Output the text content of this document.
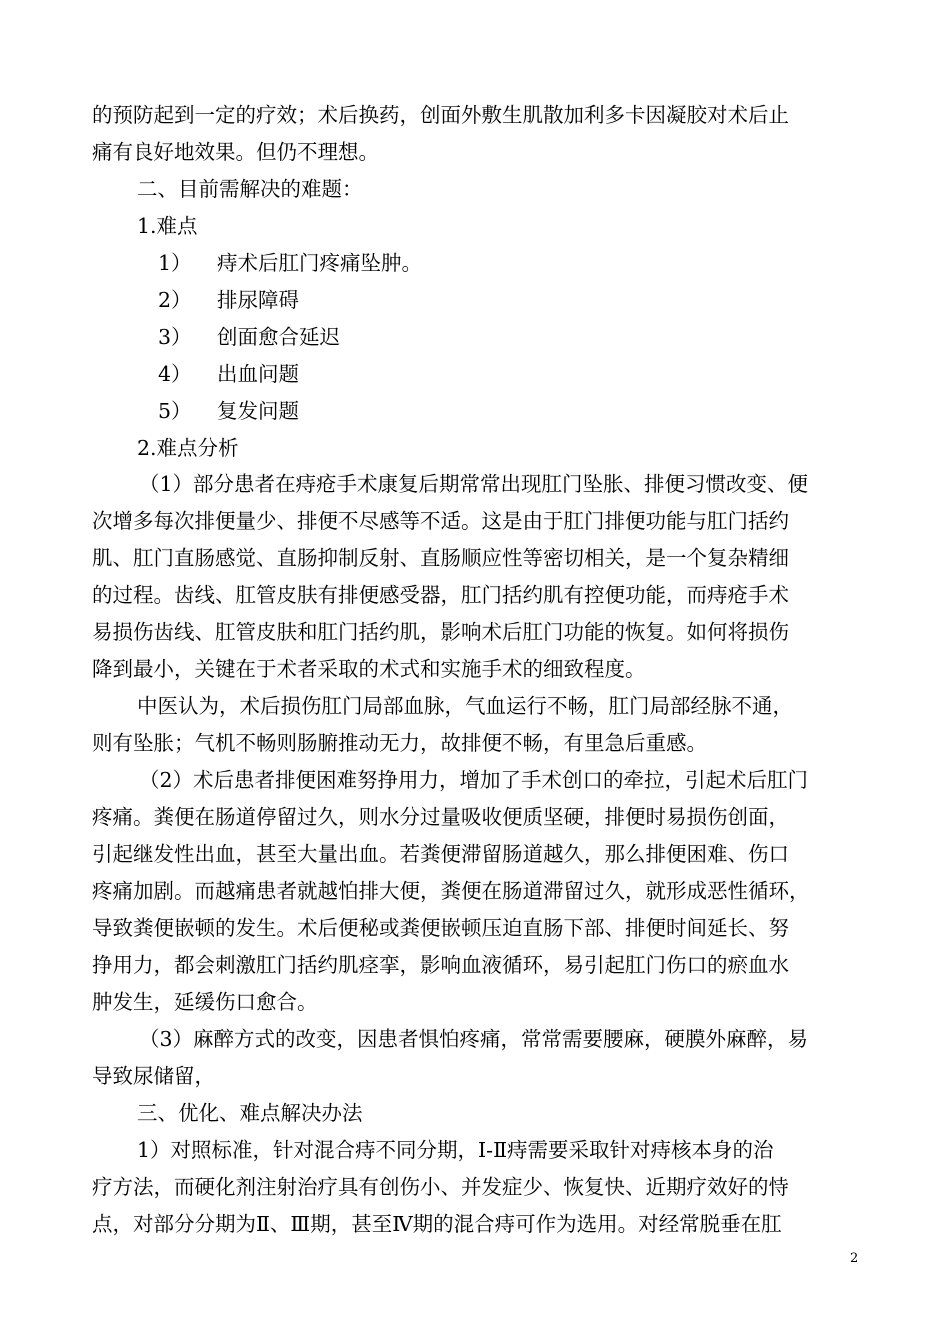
的预防起到一定的疗效；术后换药，创面外敷生肌散加利多卡因凝胶对术后止
痛有良好地效果。但仍不理想。
二、目前需解决的难题：
1.难点
1） 痔术后肛门疼痛坠肿。
2） 排尿障碍
3） 创面愈合延迟
4） 出血问题
5） 复发问题
2.难点分析
（1）部分患者在痔疮手术康复后期常常出现肛门坠胀、排便习惯改变、便
次增多每次排便量少、排便不尽感等不适。这是由于肛门排便功能与肛门括约
肌、肛门直肠感觉、直肠抑制反射、直肠顺应性等密切相关，是一个复杂精细
的过程。齿线、肛管皮肤有排便感受器，肛门括约肌有控便功能，而痔疮手术
易损伤齿线、肛管皮肤和肛门括约肌，影响术后肛门功能的恢复。如何将损伤
降到最小，关键在于术者采取的术式和实施手术的细致程度。
中医认为，术后损伤肛门局部血脉，气血运行不畅，肛门局部经脉不通，
则有坠胀；气机不畅则肠腑推动无力，故排便不畅，有里急后重感。
（2）术后患者排便困难努挣用力，增加了手术创口的牵拉，引起术后肛门
疼痛。粪便在肠道停留过久，则水分过量吸收便质坚硬，排便时易损伤创面，
引起继发性出血，甚至大量出血。若粪便滞留肠道越久，那么排便困难、伤口
疼痛加剧。而越痛患者就越怕排大便，粪便在肠道滞留过久，就形成恶性循环，
导致粪便嵌顿的发生。术后便秘或粪便嵌顿压迫直肠下部、排便时间延长、努
挣用力，都会刺激肛门括约肌痉挛，影响血液循环，易引起肛门伤口的瘀血水
肿发生，延缓伤口愈合。
（3）麻醉方式的改变，因患者惧怕疼痛，常常需要腰麻，硬膜外麻醉，易
导致尿储留，
三、优化、难点解决办法
1）对照标准，针对混合痔不同分期，Ⅰ-Ⅱ痔需要采取针对痔核本身的治
疗方法，而硬化剂注射治疗具有创伤小、并发症少、恢复快、近期疗效好的恃
点，对部分分期为Ⅱ、Ⅲ期，甚至Ⅳ期的混合痔可作为选用。对经常脱垂在肛
2
